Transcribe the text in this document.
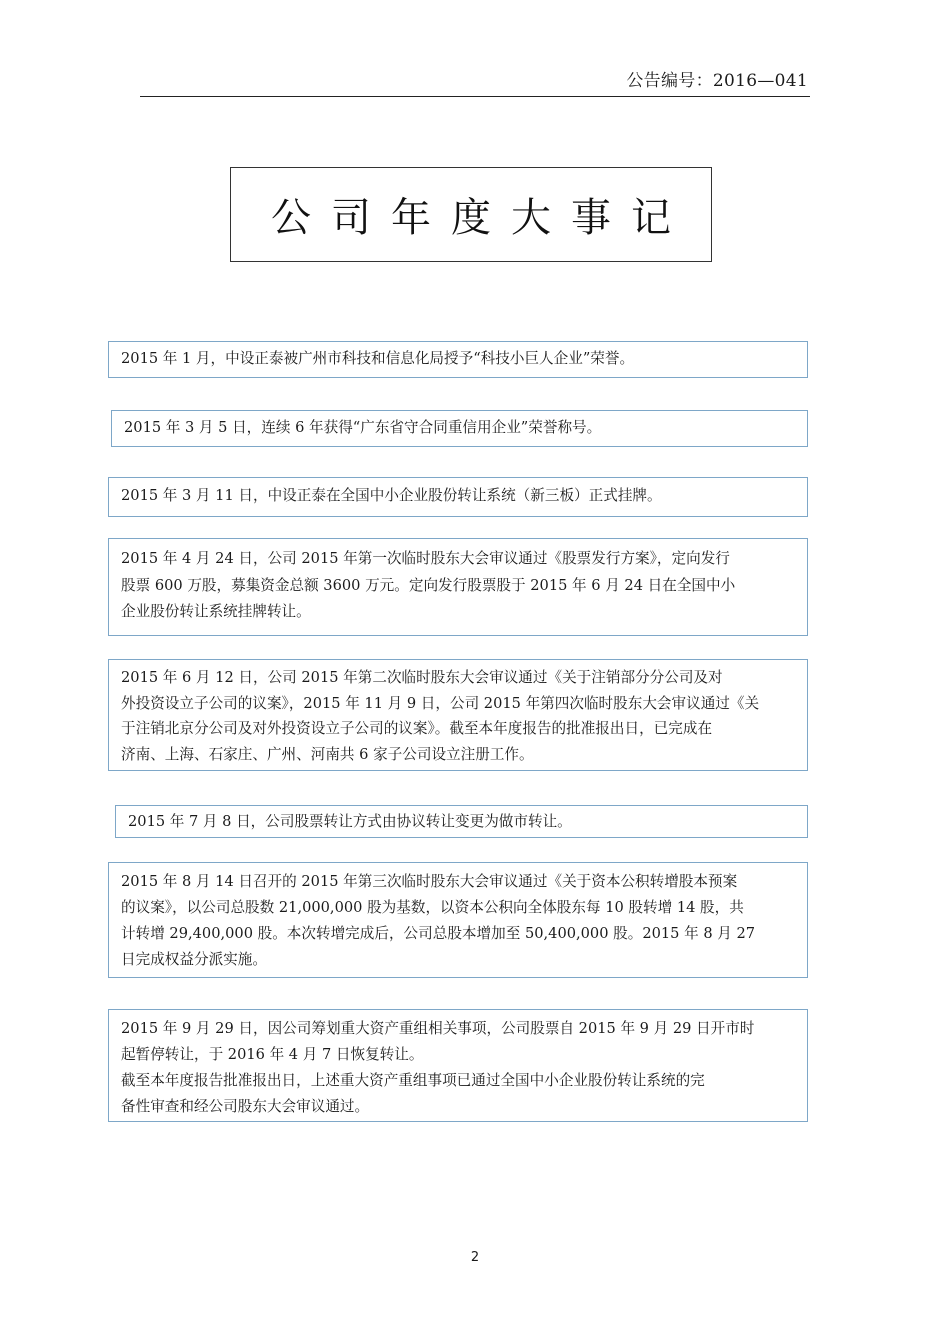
公告编号：2016—041
公司年度大事记
2015 年 1 月，中设正泰被广州市科技和信息化局授予“科技小巨人企业”荣誉。
2015 年 3 月 5 日，连续 6 年获得“广东省守合同重信用企业”荣誉称号。
2015 年 3 月 11 日，中设正泰在全国中小企业股份转让系统（新三板）正式挂牌。
2015 年 4 月 24 日，公司 2015 年第一次临时股东大会审议通过《股票发行方案》，定向发行
股票 600 万股，募集资金总额 3600 万元。定向发行股票股于 2015 年 6 月 24 日在全国中小
企业股份转让系统挂牌转让。
2015 年 6 月 12 日，公司 2015 年第二次临时股东大会审议通过《关于注销部分分公司及对
外投资设立子公司的议案》，2015 年 11 月 9 日，公司 2015 年第四次临时股东大会审议通过《关
于注销北京分公司及对外投资设立子公司的议案》。截至本年度报告的批准报出日，已完成在
济南、上海、石家庄、广州、河南共 6 家子公司设立注册工作。
2015 年 7 月 8 日，公司股票转让方式由协议转让变更为做市转让。
2015 年 8 月 14 日召开的 2015 年第三次临时股东大会审议通过《关于资本公积转增股本预案
的议案》，以公司总股数 21,000,000 股为基数，以资本公积向全体股东每 10 股转增 14 股，共
计转增 29,400,000 股。本次转增完成后，公司总股本增加至 50,400,000 股。2015 年 8 月 27
日完成权益分派实施。
2015 年 9 月 29 日，因公司筹划重大资产重组相关事项，公司股票自 2015 年 9 月 29 日开市时
起暂停转让，于 2016 年 4 月 7 日恢复转让。
截至本年度报告批准报出日，上述重大资产重组事项已通过全国中小企业股份转让系统的完
备性审查和经公司股东大会审议通过。
2
